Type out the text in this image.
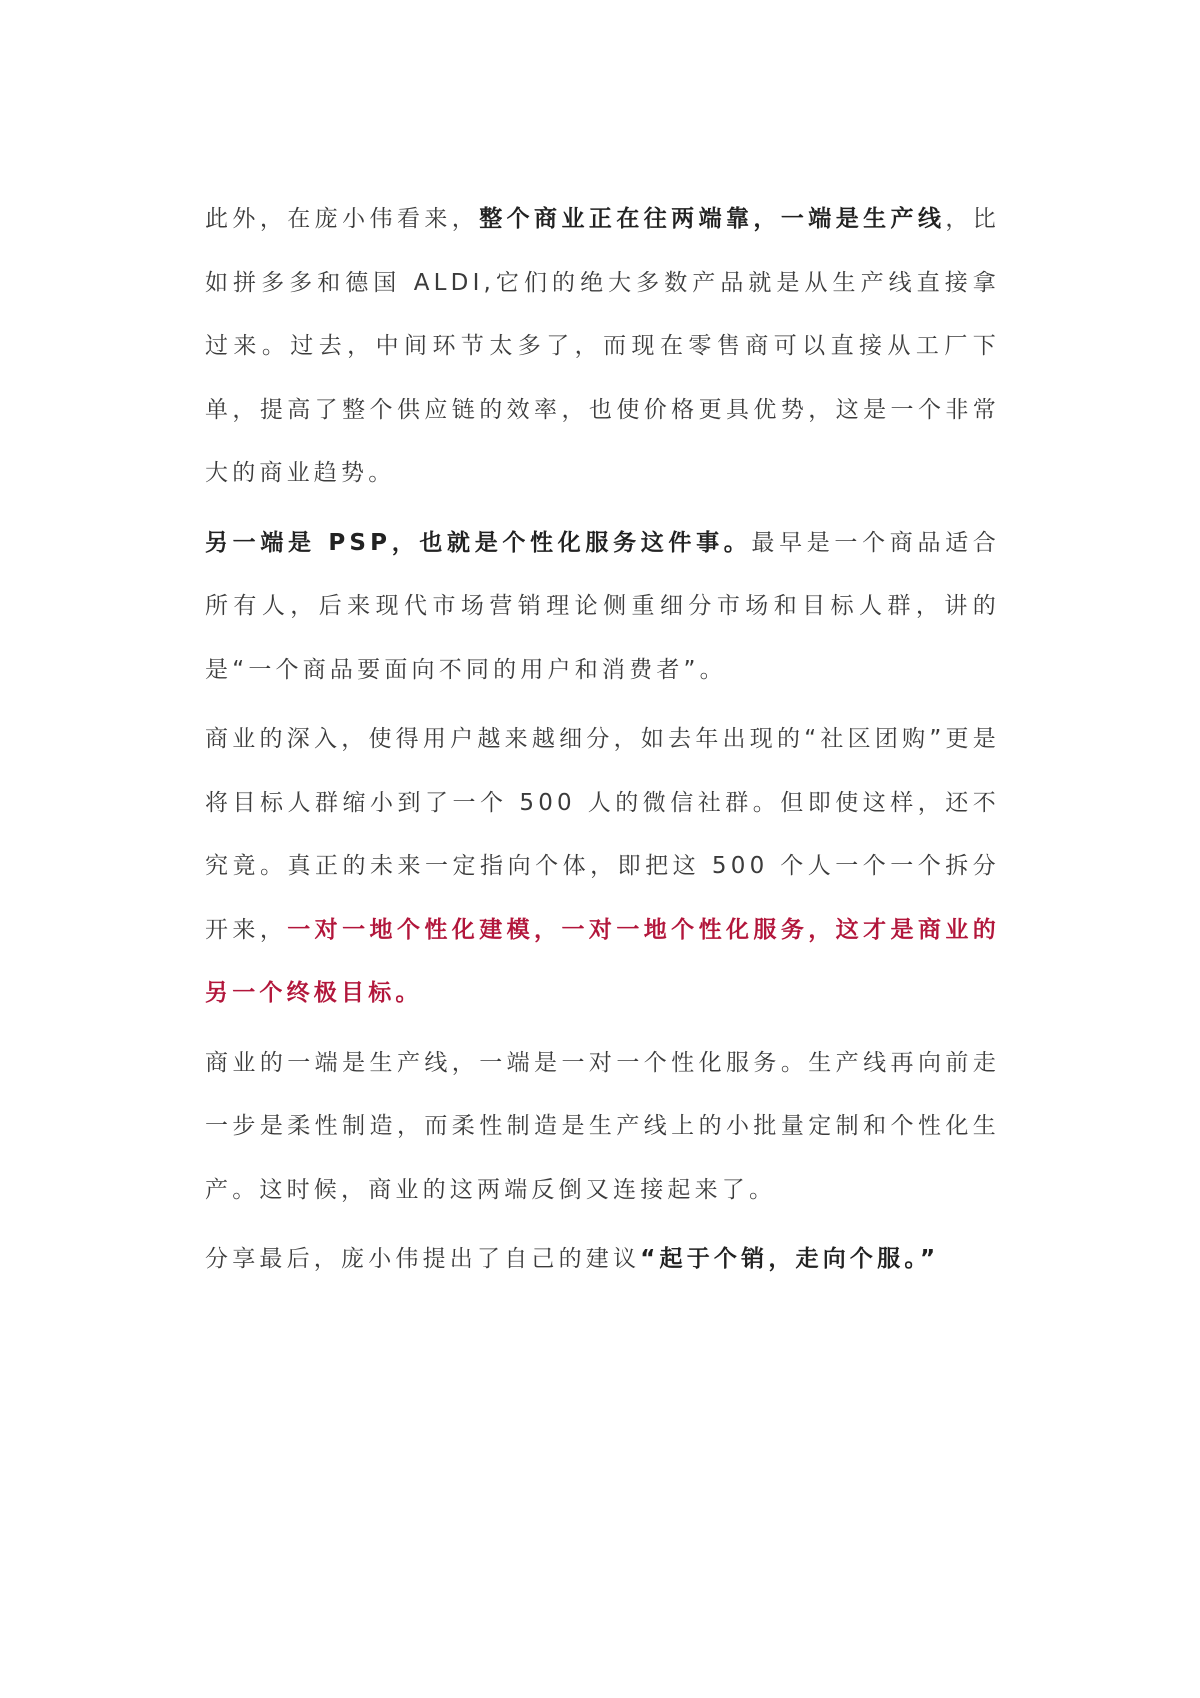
此外，在庞小伟看来，整个商业正在往两端靠，一端是生产线，比如拼多多和德国 ALDI,它们的绝大多数产品就是从生产线直接拿过来。过去，中间环节太多了，而现在零售商可以直接从工厂下单，提高了整个供应链的效率，也使价格更具优势，这是一个非常大的商业趋势。

另一端是 PSP，也就是个性化服务这件事。最早是一个商品适合所有人，后来现代市场营销理论侧重细分市场和目标人群，讲的是“一个商品要面向不同的用户和消费者”。

商业的深入，使得用户越来越细分，如去年出现的“社区团购”更是将目标人群缩小到了一个 500 人的微信社群。但即使这样，还不究竟。真正的未来一定指向个体，即把这 500 个人一个一个拆分开来，一对一地个性化建模，一对一地个性化服务，这才是商业的另一个终极目标。

商业的一端是生产线，一端是一对一个性化服务。生产线再向前走一步是柔性制造，而柔性制造是生产线上的小批量定制和个性化生产。这时候，商业的这两端反倒又连接起来了。

分享最后，庞小伟提出了自己的建议“起于个销，走向个服。”
